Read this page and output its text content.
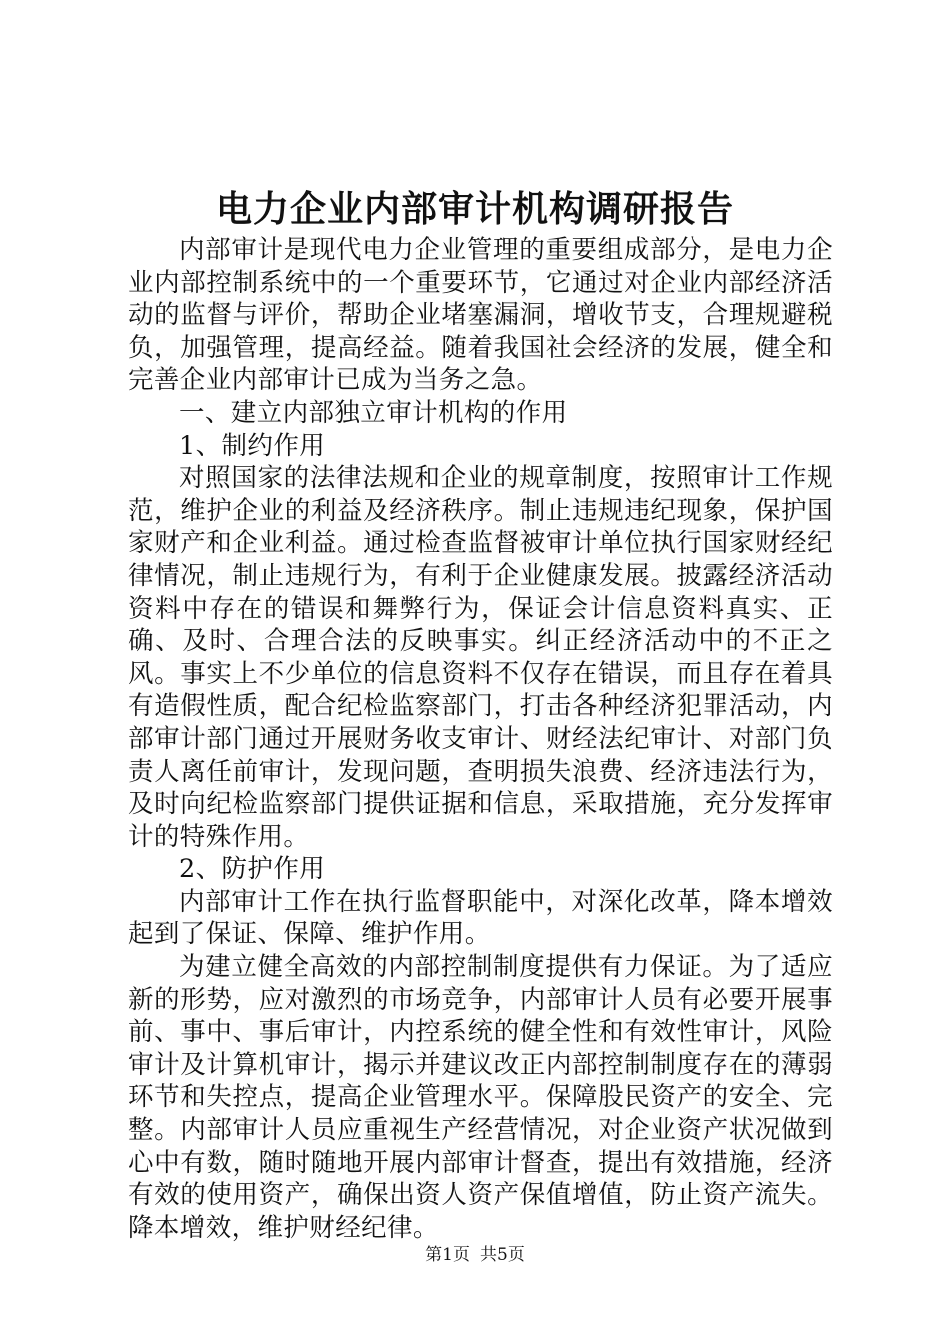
电力企业内部审计机构调研报告

内部审计是现代电力企业管理的重要组成部分，是电力企业内部控制系统中的一个重要环节，它通过对企业内部经济活动的监督与评价，帮助企业堵塞漏洞，增收节支，合理规避税负，加强管理，提高经益。随着我国社会经济的发展，健全和完善企业内部审计已成为当务之急。

一、建立内部独立审计机构的作用

1、制约作用

对照国家的法律法规和企业的规章制度，按照审计工作规范，维护企业的利益及经济秩序。制止违规违纪现象，保护国家财产和企业利益。通过检查监督被审计单位执行国家财经纪律情况，制止违规行为，有利于企业健康发展。披露经济活动资料中存在的错误和舞弊行为，保证会计信息资料真实、正确、及时、合理合法的反映事实。纠正经济活动中的不正之风。事实上不少单位的信息资料不仅存在错误，而且存在着具有造假性质，配合纪检监察部门，打击各种经济犯罪活动，内部审计部门通过开展财务收支审计、财经法纪审计、对部门负责人离任前审计，发现问题，查明损失浪费、经济违法行为，及时向纪检监察部门提供证据和信息，采取措施，充分发挥审计的特殊作用。

2、防护作用

内部审计工作在执行监督职能中，对深化改革，降本增效起到了保证、保障、维护作用。

为建立健全高效的内部控制制度提供有力保证。为了适应新的形势，应对激烈的市场竞争，内部审计人员有必要开展事前、事中、事后审计，内控系统的健全性和有效性审计，风险审计及计算机审计，揭示并建议改正内部控制制度存在的薄弱环节和失控点，提高企业管理水平。保障股民资产的安全、完整。内部审计人员应重视生产经营情况，对企业资产状况做到心中有数，随时随地开展内部审计督查，提出有效措施，经济有效的使用资产，确保出资人资产保值增值，防止资产流失。降本增效，维护财经纪律。

第1页 共5页
